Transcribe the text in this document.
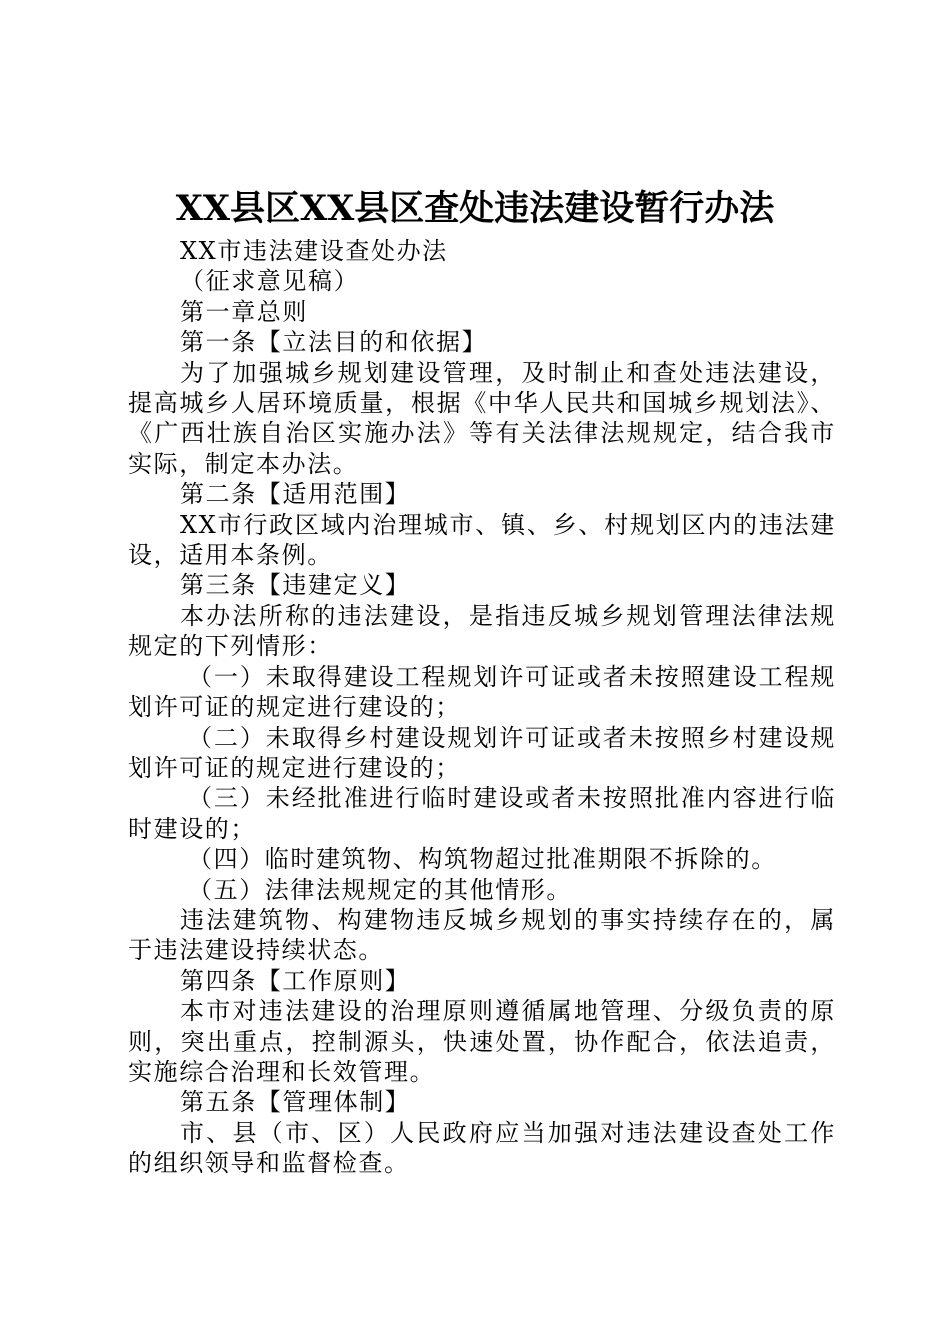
XX县区XX县区查处违法建设暂行办法

XX市违法建设查处办法

（征求意见稿）

第一章总则

第一条【立法目的和依据】

为了加强城乡规划建设管理，及时制止和查处违法建设，提高城乡人居环境质量，根据《中华人民共和国城乡规划法》、《广西壮族自治区实施办法》等有关法律法规规定，结合我市实际，制定本办法。

第二条【适用范围】

XX市行政区域内治理城市、镇、乡、村规划区内的违法建设，适用本条例。

第三条【违建定义】

本办法所称的违法建设，是指违反城乡规划管理法律法规规定的下列情形：

（一）未取得建设工程规划许可证或者未按照建设工程规划许可证的规定进行建设的；

（二）未取得乡村建设规划许可证或者未按照乡村建设规划许可证的规定进行建设的；

（三）未经批准进行临时建设或者未按照批准内容进行临时建设的；

（四）临时建筑物、构筑物超过批准期限不拆除的。

（五）法律法规规定的其他情形。

违法建筑物、构建物违反城乡规划的事实持续存在的，属于违法建设持续状态。

第四条【工作原则】

本市对违法建设的治理原则遵循属地管理、分级负责的原则，突出重点，控制源头，快速处置，协作配合，依法追责，实施综合治理和长效管理。

第五条【管理体制】

市、县（市、区）人民政府应当加强对违法建设查处工作的组织领导和监督检查。
